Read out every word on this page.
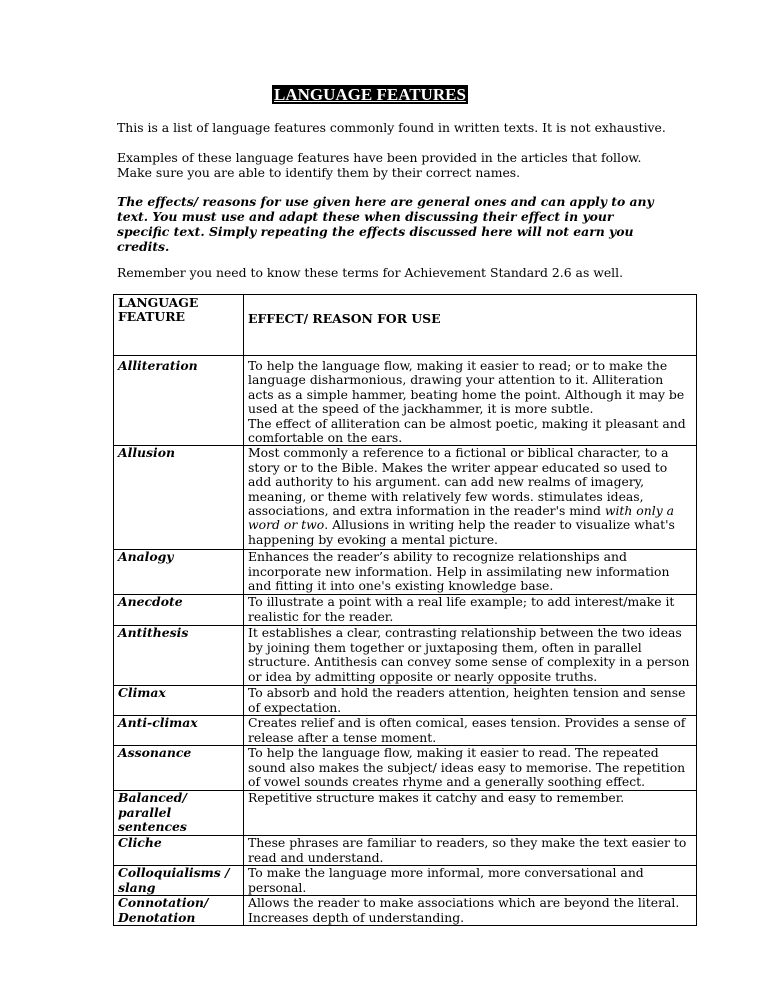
LANGUAGE FEATURES

This is a list of language features commonly found in written texts. It is not exhaustive.

Examples of these language features have been provided in the articles that follow. Make sure you are able to identify them by their correct names.

The effects/ reasons for use given here are general ones and can apply to any text. You must use and adapt these when discussing their effect in your specific text. Simply repeating the effects discussed here will not earn you credits.

Remember you need to know these terms for Achievement Standard 2.6 as well.

LANGUAGE FEATURE	EFFECT/ REASON FOR USE
Alliteration	To help the language flow, making it easier to read; or to make the language disharmonious, drawing your attention to it. Alliteration acts as a simple hammer, beating home the point. Although it may be used at the speed of the jackhammer, it is more subtle.
The effect of alliteration can be almost poetic, making it pleasant and comfortable on the ears.
Allusion	Most commonly a reference to a fictional or biblical character, to a story or to the Bible. Makes the writer appear educated so used to add authority to his argument. can add new realms of imagery, meaning, or theme with relatively few words. stimulates ideas, associations, and extra information in the reader's mind with only a word or two. Allusions in writing help the reader to visualize what's happening by evoking a mental picture.
Analogy	Enhances the reader’s ability to recognize relationships and incorporate new information. Help in assimilating new information and fitting it into one's existing knowledge base.
Anecdote	To illustrate a point with a real life example; to add interest/make it realistic for the reader.
Antithesis	It establishes a clear, contrasting relationship between the two ideas by joining them together or juxtaposing them, often in parallel structure. Antithesis can convey some sense of complexity in a person or idea by admitting opposite or nearly opposite truths.
Climax	To absorb and hold the readers attention, heighten tension and sense of expectation.
Anti-climax	Creates relief and is often comical, eases tension. Provides a sense of release after a tense moment.
Assonance	To help the language flow, making it easier to read. The repeated sound also makes the subject/ ideas easy to memorise. The repetition of vowel sounds creates rhyme and a generally soothing effect.
Balanced/ parallel sentences	Repetitive structure makes it catchy and easy to remember.
Cliche	These phrases are familiar to readers, so they make the text easier to read and understand.
Colloquialisms / slang	To make the language more informal, more conversational and personal.
Connotation/ Denotation	Allows the reader to make associations which are beyond the literal. Increases depth of understanding.
